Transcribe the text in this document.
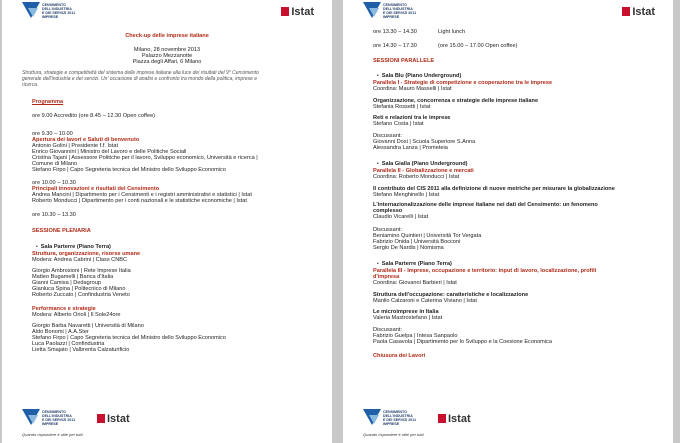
CENSIMENTO
DELL'INDUSTRIA
E DEI SERVIZI 2011
IMPRESE	Istat
Check-up delle imprese italiane
Milano, 28 novembre 2013
Palazzo Mezzanotte
Piazza degli Affari, 6 Milano
Struttura, strategie e competitività del sistema delle imprese italiane alla luce dei risultati del 9° Censimento
generale dell'industria e dei servizi. Un' occasione di analisi e confronto tra mondo della politica, imprese e
ricerca.
Programma
ore 9.00 Accredito (ore 8.45 – 12.30 Open coffee)
ore 9.30 – 10.00
Apertura dei lavori e Saluti di benvenuto
Antonio Golini | Presidente f.f. Istat
Enrico Giovannini | Ministro del Lavoro e delle Politiche Sociali
Cristina Tajani | Assessore Politiche per il lavoro, Sviluppo economico, Università e ricerca |
Comune di Milano
Stefano Firpo | Capo Segreteria tecnica del Ministro dello Sviluppo Economico
ore 10.00 – 10.30
Principali innovazioni e risultati del Censimento
Andrea Mancini | Dipartimento per i Censimenti e i registri amministrativi e statistici | Istat
Roberto Monducci | Dipartimento per i conti nazionali e le statistiche economiche | Istat
ore 10.30 – 13.30
SESSIONE PLENARIA
• Sala Parterre (Piano Terra)
Struttura, organizzazione, risorse umane
Modera: Andrea Cabrini | Class CNBC
Giorgio Ambrosioni | Rete Imprese Italia
Matteo Bugamelli | Banca d'Italia
Gianni Camisa | Dedagroup
Gianluca Spina | Politecnico di Milano
Roberto Zuccato | Confindustria Veneto
Performance e strategie
Modera: Alberto Orioli | Il Sole24ore
Giorgio Barba Navaretti | Università di Milano
Aldo Bonomi | A.A.Ster
Stefano Firpo | Capo Segreteria tecnica del Ministro dello Sviluppo Economico
Luca Paolazzi | Confindustria
Lietta Smajato | Valbrenta Calzaturificio
CENSIMENTO
DELL'INDUSTRIA
E DEI SERVIZI 2011
IMPRESE	Istat
Quando rispondere è utile per tutti.
CENSIMENTO
DELL'INDUSTRIA
E DEI SERVIZI 2011
IMPRESE	Istat
ore 13.30 – 14.30	Light lunch
ore 14.30 – 17.30	(ore 15.00 – 17.00 Open coffee)
SESSIONI PARALLELE
• Sala Blu (Piano Underground)
Parallela I - Strategie di competizione e cooperazione tra le imprese
Coordina: Mauro Masselli | Istat
Organizzazione, concorrenza e strategie delle imprese italiane
Stefania Rossetti | Istat
Reti e relazioni tra le imprese
Stefano Costa | Istat
Discussant:
Giovanni Dosi | Scuola Superiore S.Anna
Alessandra Lanza | Prometeia
• Sala Gialla (Piano Underground)
Parallela II - Globalizzazione e mercati
Coordina: Roberto Monducci | Istat
Il contributo del CIS 2011 alla definizione di nuove metriche per misurare la globalizzazione
Stefano Menghinello | Istat
L'internazionalizzazione delle imprese italiane nei dati del Censimento: un fenomeno
complesso
Claudio Vicarelli | Istat
Discussant:
Beniamino Quintieri | Università Tor Vergata
Fabrizio Onida | Università Bocconi
Sergio De Nardis | Nomisma
• Sala Parterre (Piano Terra)
Parallela III - Imprese, occupazione e territorio: input di lavoro, localizzazione, profili
d'impresa
Coordina: Giovanni Barbieri | Istat
Struttura dell'occupazione: caratteristiche e localizzazione
Manlio Calzaroni e Caterina Viviano | Istat
Le microimprese in Italia
Valeria Mastrostefano | Istat
Discussant:
Fabrizio Guelpa | Intesa Sanpaolo
Paola Casavola | Dipartimento per lo Sviluppo e la Coesione Economica
Chiusura dei Lavori
CENSIMENTO
DELL'INDUSTRIA
E DEI SERVIZI 2011
IMPRESE	Istat
Quando rispondere è utile per tutti.
